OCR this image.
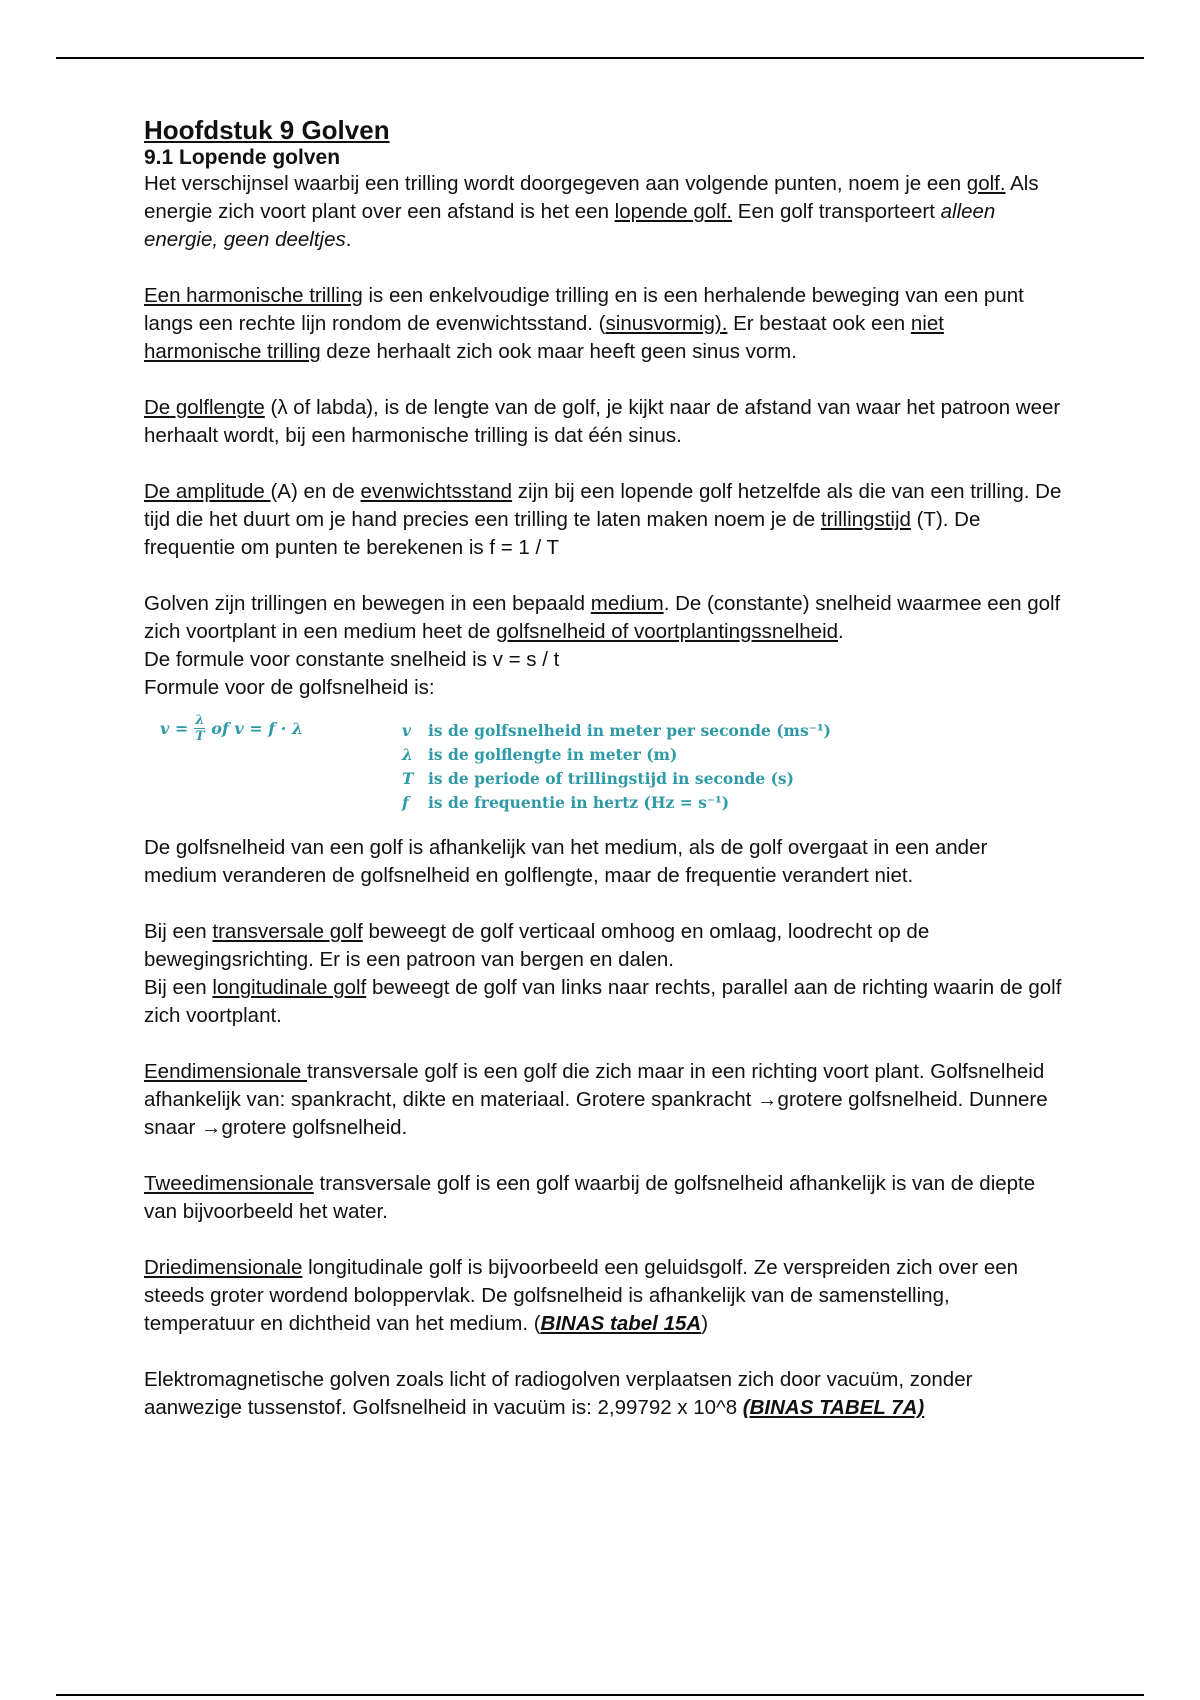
Hoofdstuk 9 Golven
9.1 Lopende golven

Het verschijnsel waarbij een trilling wordt doorgegeven aan volgende punten, noem je een golf. Als energie zich voort plant over een afstand is het een lopende golf. Een golf transporteert alleen energie, geen deeltjes.

Een harmonische trilling is een enkelvoudige trilling en is een herhalende beweging van een punt langs een rechte lijn rondom de evenwichtsstand. (sinusvormig). Er bestaat ook een niet harmonische trilling deze herhaalt zich ook maar heeft geen sinus vorm.

De golflengte (λ of labda), is de lengte van de golf, je kijkt naar de afstand van waar het patroon weer herhaalt wordt, bij een harmonische trilling is dat één sinus.

De amplitude (A) en de evenwichtsstand zijn bij een lopende golf hetzelfde als die van een trilling. De tijd die het duurt om je hand precies een trilling te laten maken noem je de trillingstijd (T). De frequentie om punten te berekenen is f = 1 / T

Golven zijn trillingen en bewegen in een bepaald medium. De (constante) snelheid waarmee een golf zich voortplant in een medium heet de golfsnelheid of voortplantingssnelheid.

De formule voor constante snelheid is v = s / t

Formule voor de golfsnelheid is:

$v = \frac{\lambda}{T}$ of v = f · λ	v	is de golfsnelheid in meter per seconde (ms⁻¹)
λ is de golflengte in meter (m)
T is de periode of trillingstijd in seconde (s)
f	is de frequentie in hertz (Hz = s⁻¹)

De golfsnelheid van een golf is afhankelijk van het medium, als de golf overgaat in een ander medium veranderen de golfsnelheid en golflengte, maar de frequentie verandert niet.

Bij een transversale golf beweegt de golf verticaal omhoog en omlaag, loodrecht op de bewegingsrichting. Er is een patroon van bergen en dalen.
Bij een longitudinale golf beweegt de golf van links naar rechts, parallel aan de richting waarin de golf zich voortplant.

Eendimensionale transversale golf is een golf die zich maar in een richting voort plant. Golfsnelheid afhankelijk van: spankracht, dikte en materiaal. Grotere spankracht →grotere golfsnelheid. Dunnere snaar →grotere golfsnelheid.

Tweedimensionale transversale golf is een golf waarbij de golfsnelheid afhankelijk is van de diepte van bijvoorbeeld het water.

Driedimensionale longitudinale golf is bijvoorbeeld een geluidsgolf. Ze verspreiden zich over een steeds groter wordend boloppervlak. De golfsnelheid is afhankelijk van de samenstelling, temperatuur en dichtheid van het medium. (BINAS tabel 15A)

Elektromagnetische golven zoals licht of radiogolven verplaatsen zich door vacuüm, zonder aanwezige tussenstof. Golfsnelheid in vacuüm is: 2,99792 x 10^8 (BINAS TABEL 7A)
